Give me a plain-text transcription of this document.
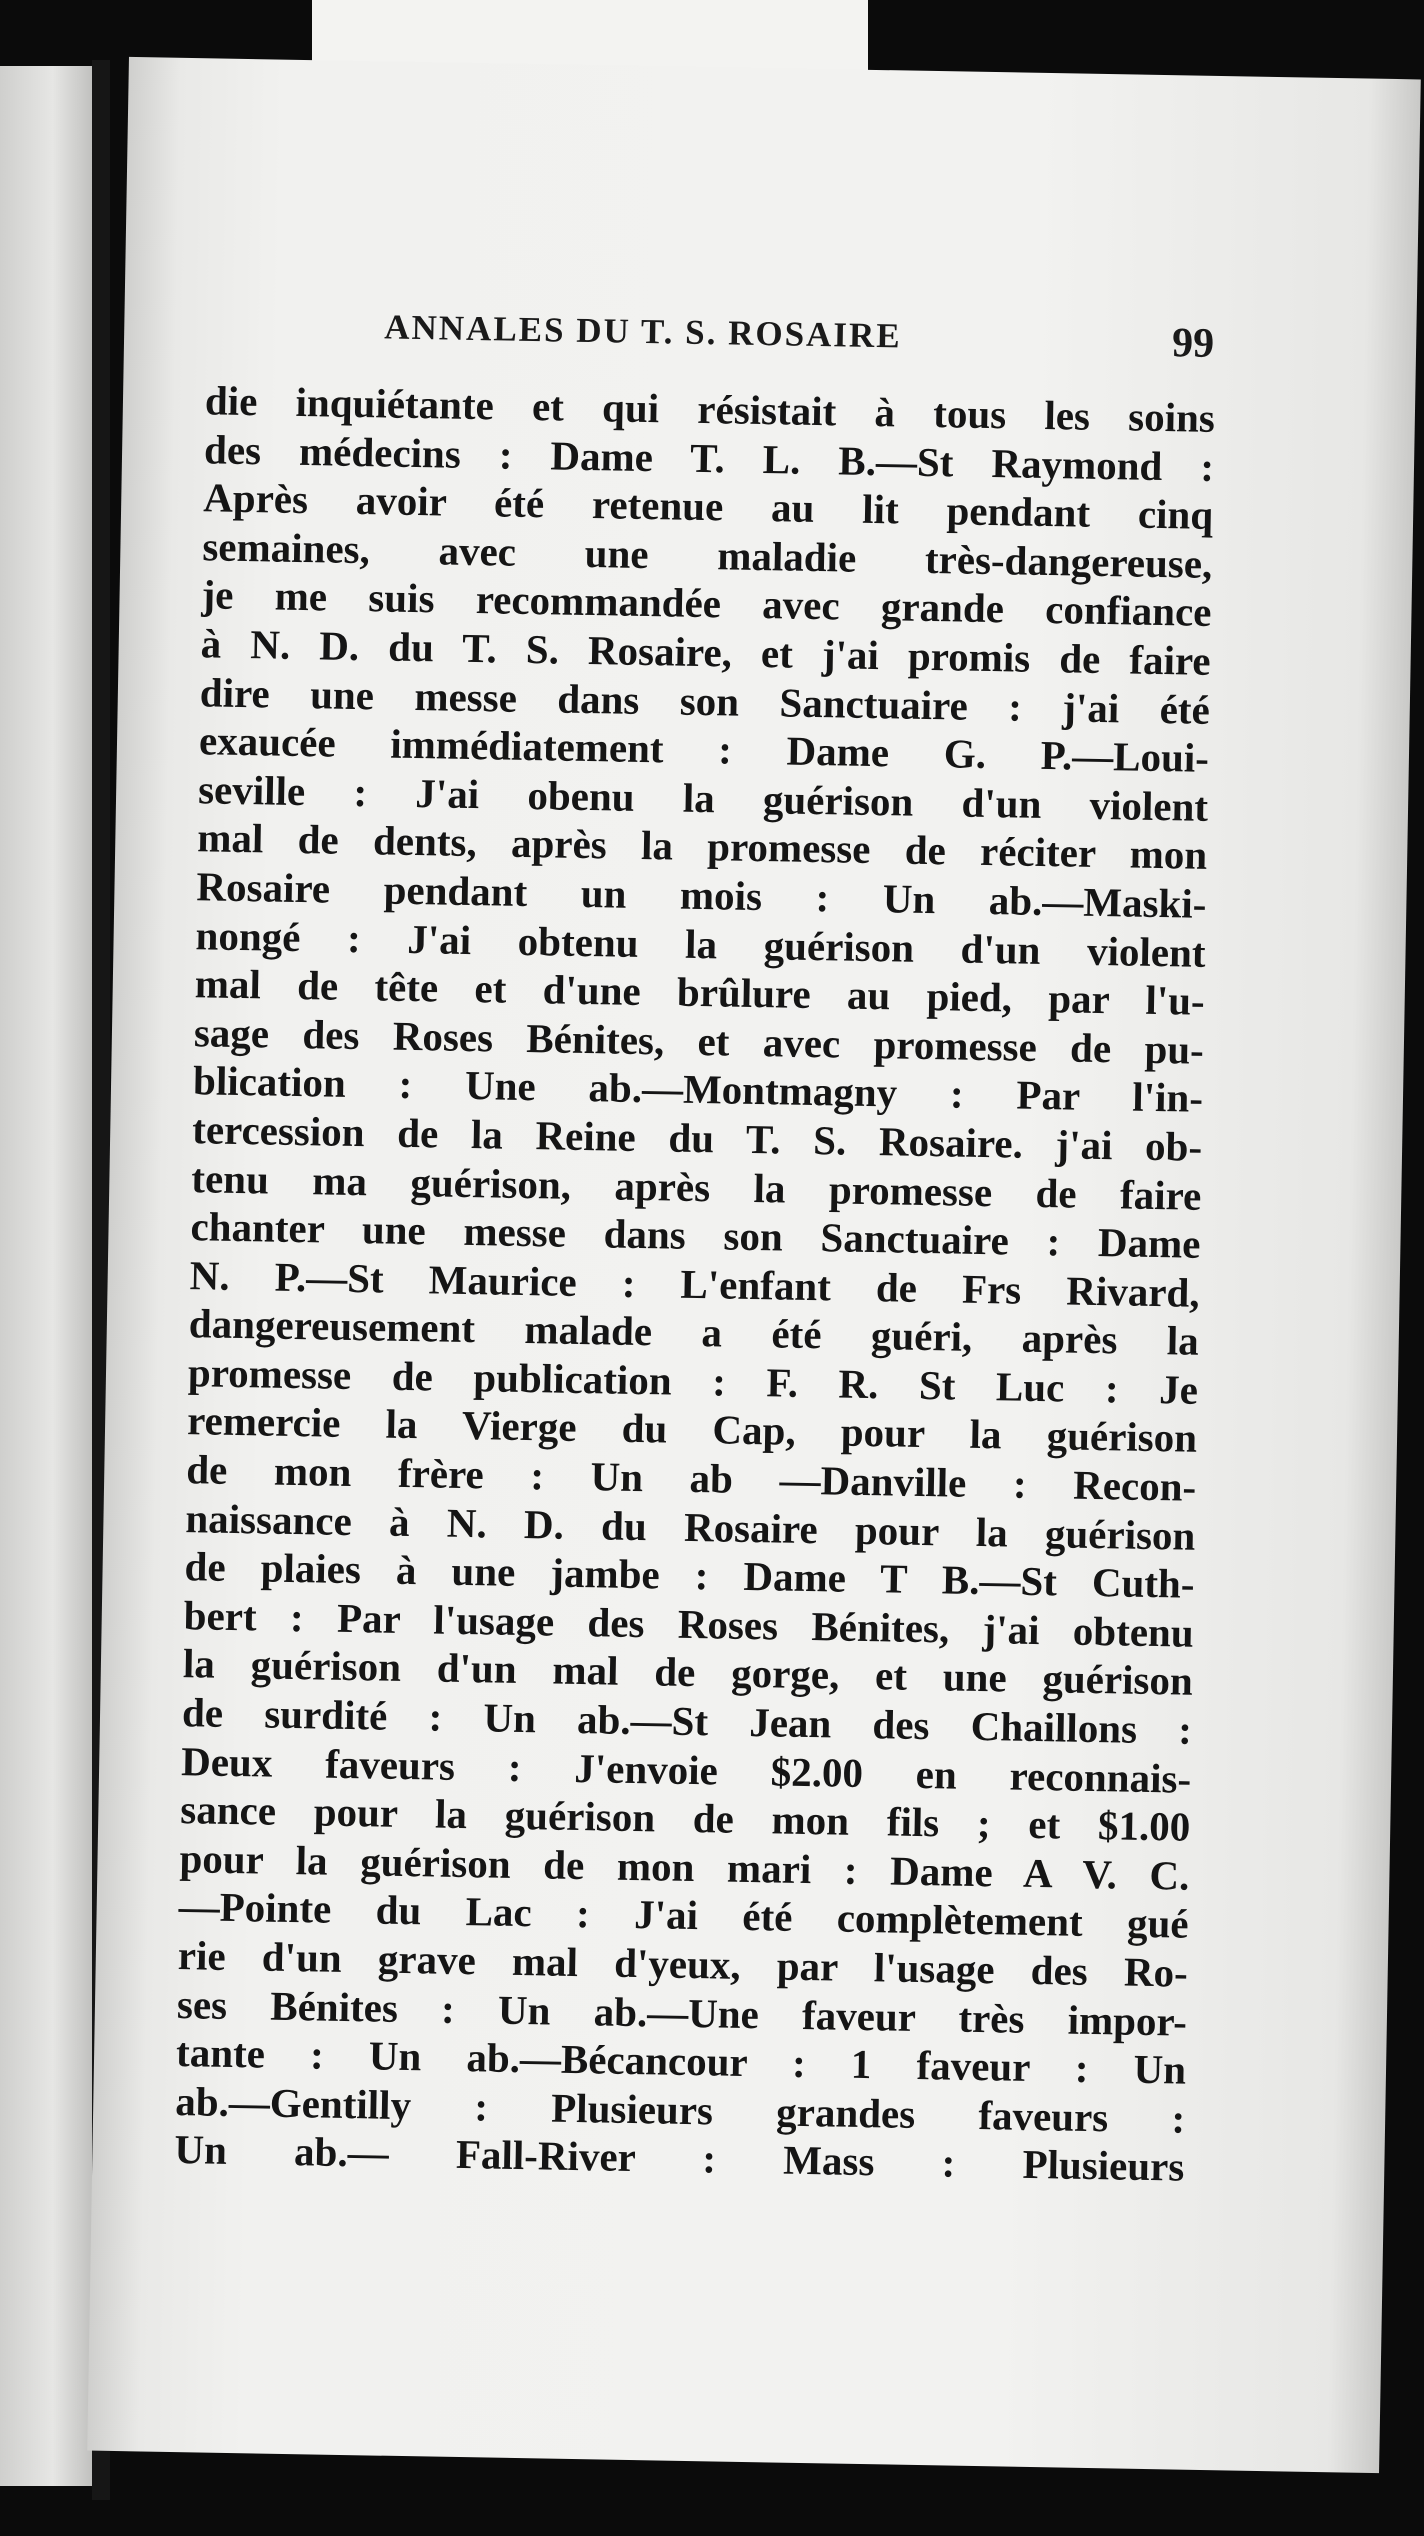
ANNALES DU T. S. ROSAIRE	99
die inquiétante et qui résistait à tous les soins
des médecins : Dame T. L. B.—St Raymond :
Après avoir été retenue au lit pendant cinq
semaines, avec une maladie très-dangereuse,
je me suis recommandée avec grande confiance
à N. D. du T. S. Rosaire, et j'ai promis de faire
dire une messe dans son Sanctuaire : j'ai été
exaucée immédiatement : Dame G. P.—Loui-
seville : J'ai obenu la guérison d'un violent
mal de dents, après la promesse de réciter mon
Rosaire pendant un mois : Un ab.—Maski-
nongé : J'ai obtenu la guérison d'un violent
mal de tête et d'une brûlure au pied, par l'u-
sage des Roses Bénites, et avec promesse de pu-
blication : Une ab.—Montmagny : Par l'in-
tercession de la Reine du T. S. Rosaire. j'ai ob-
tenu ma guérison, après la promesse de faire
chanter une messe dans son Sanctuaire : Dame
N. P.—St Maurice : L'enfant de Frs Rivard,
dangereusement malade a été guéri, après la
promesse de publication : F. R. St Luc : Je
remercie la Vierge du Cap, pour la guérison
de mon frère : Un ab —Danville : Recon-
naissance à N. D. du Rosaire pour la guérison
de plaies à une jambe : Dame T B.—St Cuth-
bert : Par l'usage des Roses Bénites, j'ai obtenu
la guérison d'un mal de gorge, et une guérison
de surdité : Un ab.—St Jean des Chaillons :
Deux faveurs : J'envoie $2.00 en reconnais-
sance pour la guérison de mon fils ; et $1.00
pour la guérison de mon mari : Dame A V. C.
—Pointe du Lac : J'ai été complètement gué
rie d'un grave mal d'yeux, par l'usage des Ro-
ses Bénites : Un ab.—Une faveur très impor-
tante : Un ab.—Bécancour : 1 faveur : Un
ab.—Gentilly : Plusieurs grandes faveurs :
Un ab.— Fall-River : Mass : Plusieurs
